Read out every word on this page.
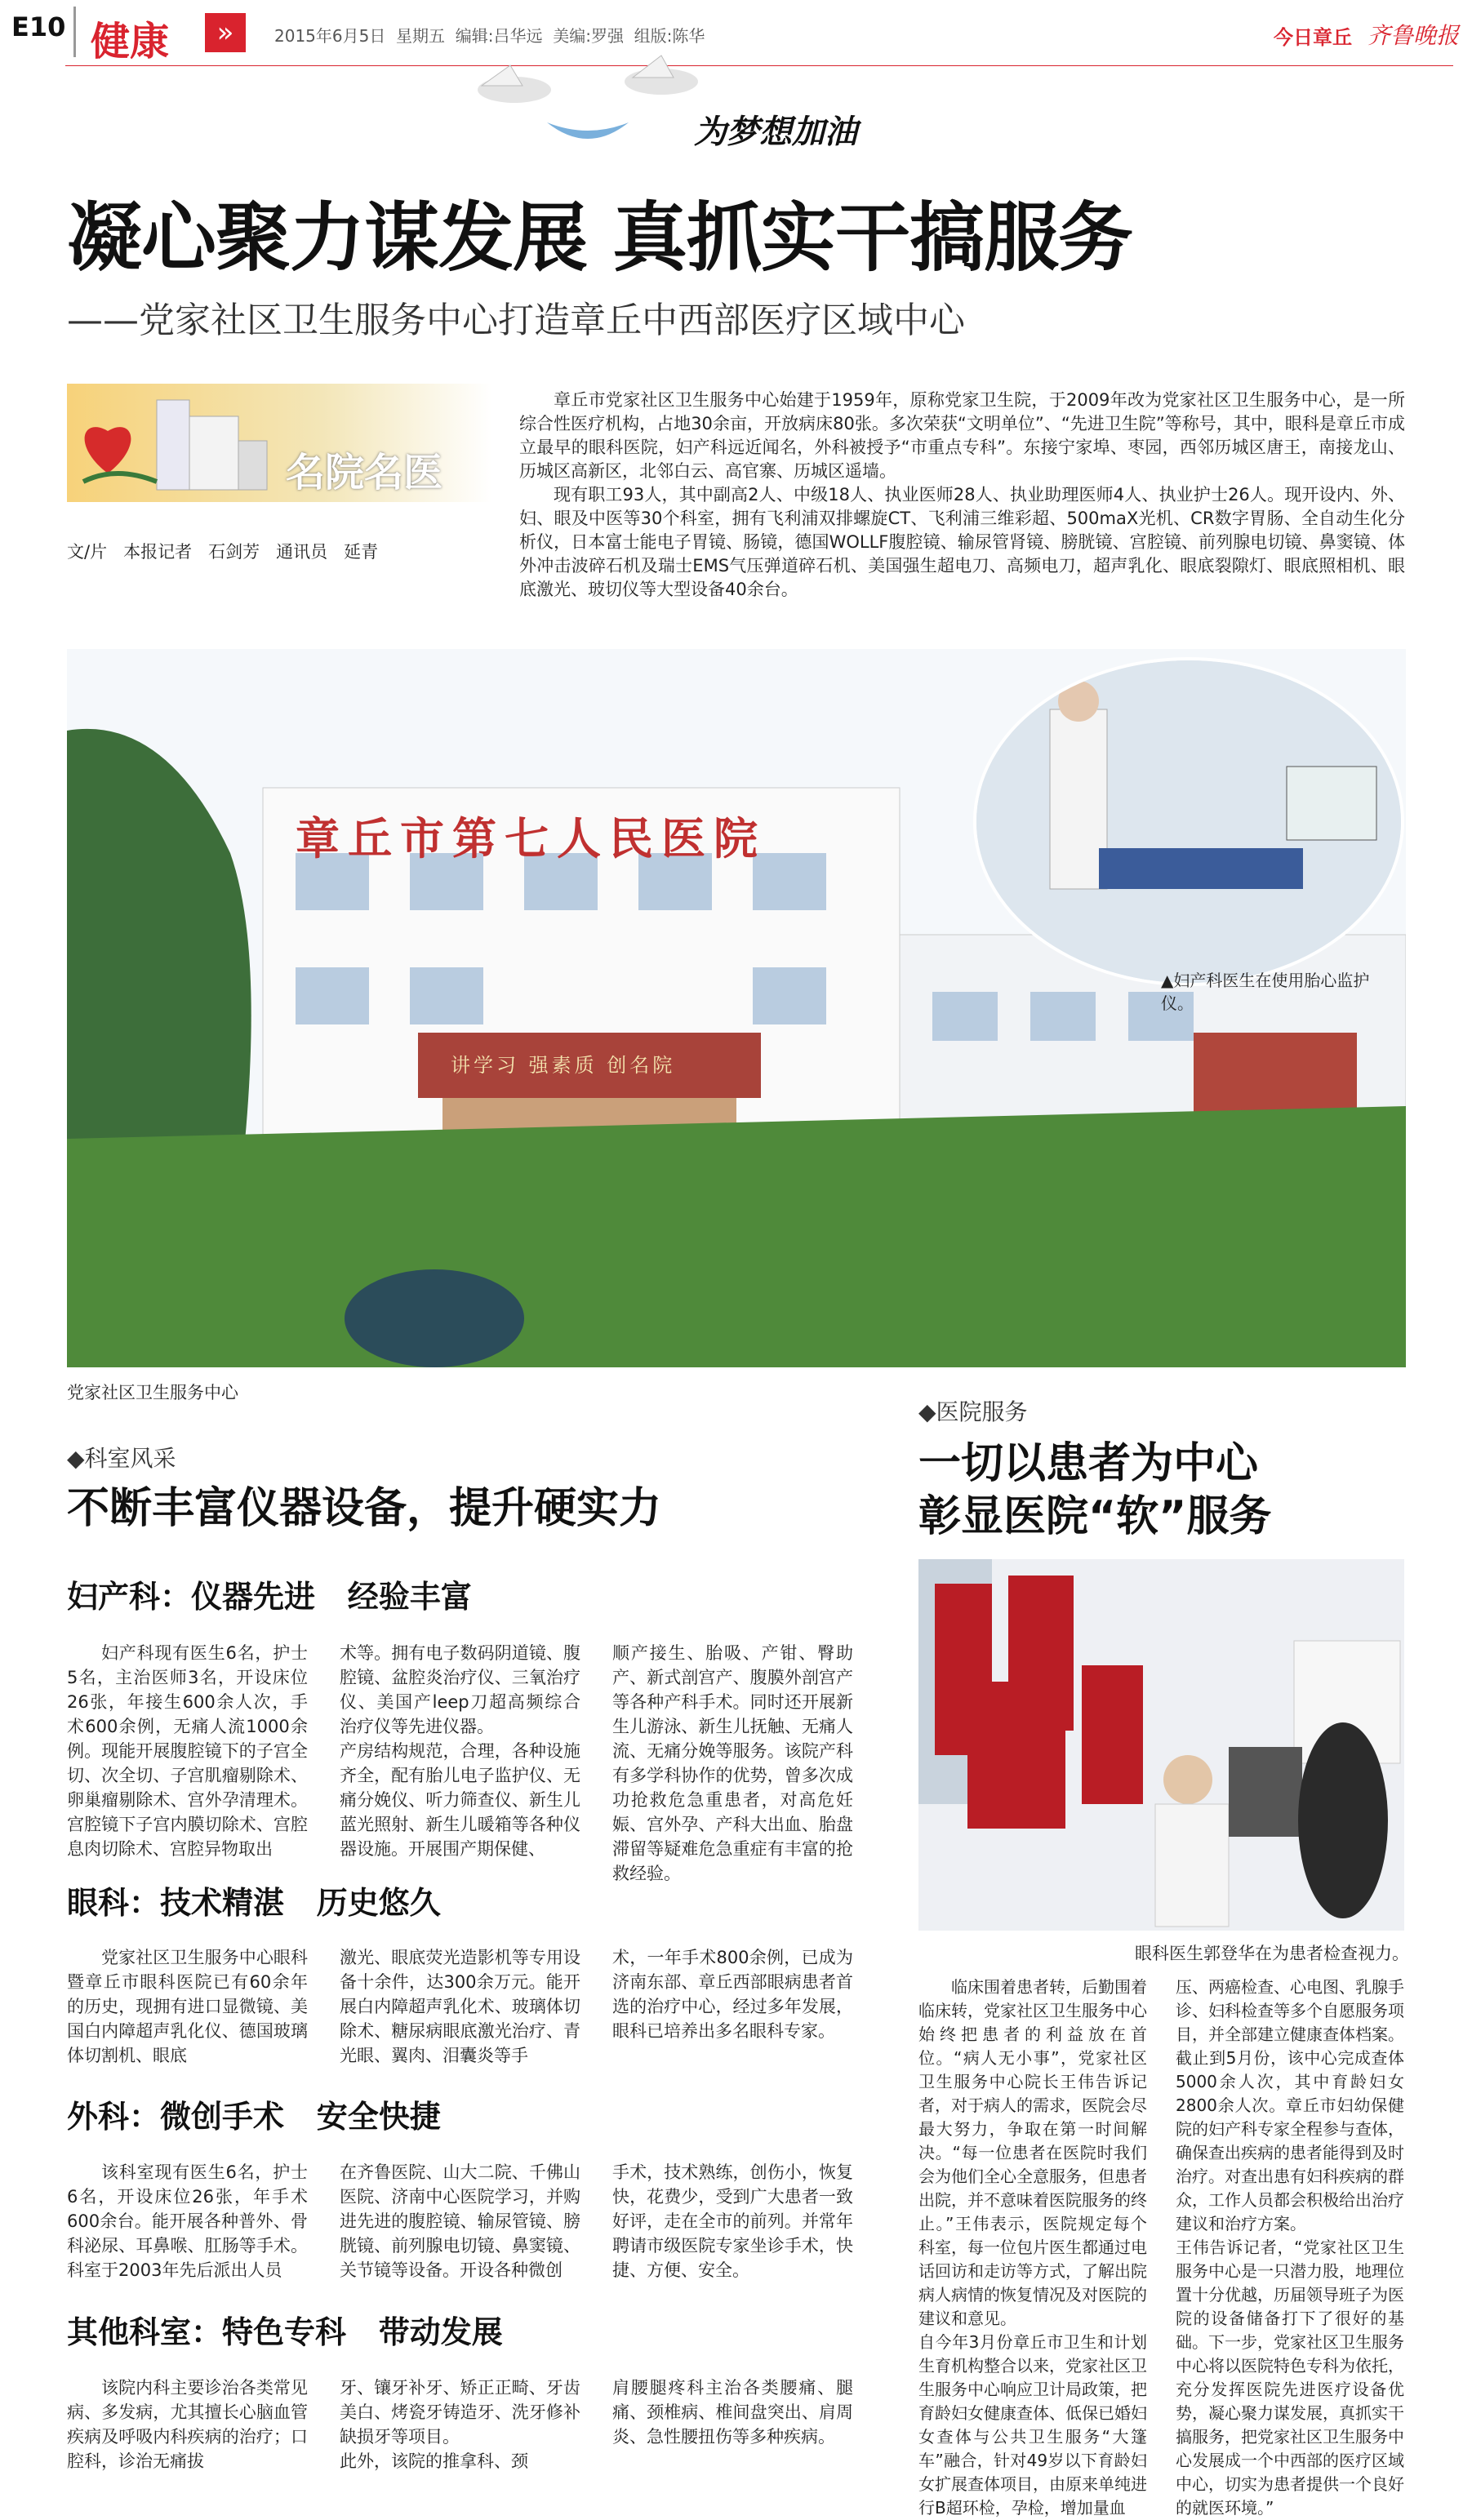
E10 健康	»	2015年6月5日  星期五  编辑:吕华远  美编:罗强  组版:陈华	今日章丘 齐鲁晚报
为梦想加油
凝心聚力谋发展 真抓实干搞服务
——党家社区卫生服务中心打造章丘中西部医疗区域中心
名院名医
文/片   本报记者   石剑芳   通讯员   延青

章丘市党家社区卫生服务中心始建于1959年，原称党家卫生院，于2009年改为党家社区卫生服务中心，是一所综合性医疗机构，占地30余亩，开放病床80张。多次荣获“文明单位”、“先进卫生院”等称号，其中，眼科是章丘市成立最早的眼科医院，妇产科远近闻名，外科被授予“市重点专科”。东接宁家埠、枣园，西邻历城区唐王，南接龙山、历城区高新区，北邻白云、高官寨、历城区遥墙。

现有职工93人，其中副高2人、中级18人、执业医师28人、执业助理医师4人、执业护士26人。现开设内、外、妇、眼及中医等30个科室，拥有飞利浦双排螺旋CT、飞利浦三维彩超、500maX光机、CR数字胃肠、全自动生化分析仪，日本富士能电子胃镜、肠镜，德国WOLLF腹腔镜、输尿管肾镜、膀胱镜、宫腔镜、前列腺电切镜、鼻窦镜、体外冲击波碎石机及瑞士EMS气压弹道碎石机、美国强生超电刀、高频电刀，超声乳化、眼底裂隙灯、眼底照相机、眼底激光、玻切仪等大型设备40余台。

章丘市第七人民医院
讲学习 强素质 创名院
▲妇产科医生在使用胎心监护仪。
党家社区卫生服务中心
◆科室风采
不断丰富仪器设备，提升硬实力
妇产科：仪器先进   经验丰富
妇产科现有医生6名，护士5名，主治医师3名，开设床位26张，年接生600余人次，手术600余例，无痛人流1000余例。现能开展腹腔镜下的子宫全切、次全切、子宫肌瘤剔除术、卵巢瘤剔除术、宫外孕清理术。宫腔镜下子宫内膜切除术、宫腔息肉切除术、宫腔异物取出
术等。拥有电子数码阴道镜、腹腔镜、盆腔炎治疗仪、三氧治疗仪、美国产leep刀超高频综合治疗仪等先进仪器。
产房结构规范，合理，各种设施齐全，配有胎儿电子监护仪、无痛分娩仪、听力筛查仪、新生儿蓝光照射、新生儿暖箱等各种仪器设施。开展围产期保健、
顺产接生、胎吸、产钳、臀助产、新式剖宫产、腹膜外剖宫产等各种产科手术。同时还开展新生儿游泳、新生儿抚触、无痛人流、无痛分娩等服务。该院产科有多学科协作的优势，曾多次成功抢救危急重患者，对高危妊娠、宫外孕、产科大出血、胎盘滞留等疑难危急重症有丰富的抢救经验。
眼科：技术精湛   历史悠久
党家社区卫生服务中心眼科暨章丘市眼科医院已有60余年的历史，现拥有进口显微镜、美国白内障超声乳化仪、德国玻璃体切割机、眼底
激光、眼底荧光造影机等专用设备十余件，达300余万元。能开展白内障超声乳化术、玻璃体切除术、糖尿病眼底激光治疗、青光眼、翼肉、泪囊炎等手
术，一年手术800余例，已成为济南东部、章丘西部眼病患者首选的治疗中心，经过多年发展，眼科已培养出多名眼科专家。
外科：微创手术   安全快捷
该科室现有医生6名，护士6名，开设床位26张，年手术600余台。能开展各种普外、骨科泌尿、耳鼻喉、肛肠等手术。科室于2003年先后派出人员
在齐鲁医院、山大二院、千佛山医院、济南中心医院学习，并购进先进的腹腔镜、输尿管镜、膀胱镜、前列腺电切镜、鼻窦镜、关节镜等设备。开设各种微创
手术，技术熟练，创伤小，恢复快，花费少，受到广大患者一致好评，走在全市的前列。并常年聘请市级医院专家坐诊手术，快捷、方便、安全。
其他科室：特色专科   带动发展
该院内科主要诊治各类常见病、多发病，尤其擅长心脑血管疾病及呼吸内科疾病的治疗；口腔科，诊治无痛拔
牙、镶牙补牙、矫正正畸、牙齿美白、烤瓷牙铸造牙、洗牙修补缺损牙等项目。
此外，该院的推拿科、颈
肩腰腿疼科主治各类腰痛、腿痛、颈椎病、椎间盘突出、肩周炎、急性腰扭伤等多种疾病。
◆医院服务
一切以患者为中心
彰显医院“软”服务
眼科医生郭登华在为患者检查视力。
临床围着患者转，后勤围着临床转，党家社区卫生服务中心始终把患者的利益放在首位。“病人无小事”，党家社区卫生服务中心院长王伟告诉记者，对于病人的需求，医院会尽最大努力，争取在第一时间解决。“每一位患者在医院时我们会为他们全心全意服务，但患者出院，并不意味着医院服务的终止。”王伟表示，医院规定每个科室，每一位包片医生都通过电话回访和走访等方式，了解出院病人病情的恢复情况及对医院的建议和意见。
自今年3月份章丘市卫生和计划生育机构整合以来，党家社区卫生服务中心响应卫计局政策，把育龄妇女健康查体、低保已婚妇女查体与公共卫生服务“大篷车”融合，针对49岁以下育龄妇女扩展查体项目，由原来单纯进行B超环检，孕检，增加量血
压、两癌检查、心电图、乳腺手诊、妇科检查等多个自愿服务项目，并全部建立健康查体档案。截止到5月份，该中心完成查体5000余人次，其中育龄妇女2800余人次。章丘市妇幼保健院的妇产科专家全程参与查体，确保查出疾病的患者能得到及时治疗。对查出患有妇科疾病的群众，工作人员都会积极给出治疗建议和治疗方案。
王伟告诉记者，“党家社区卫生服务中心是一只潜力股，地理位置十分优越，历届领导班子为医院的设备储备打下了很好的基础。下一步，党家社区卫生服务中心将以医院特色专科为依托，充分发挥医院先进医疗设备优势，凝心聚力谋发展，真抓实干搞服务，把党家社区卫生服务中心发展成一个中西部的医疗区域中心，切实为患者提供一个良好的就医环境。”
